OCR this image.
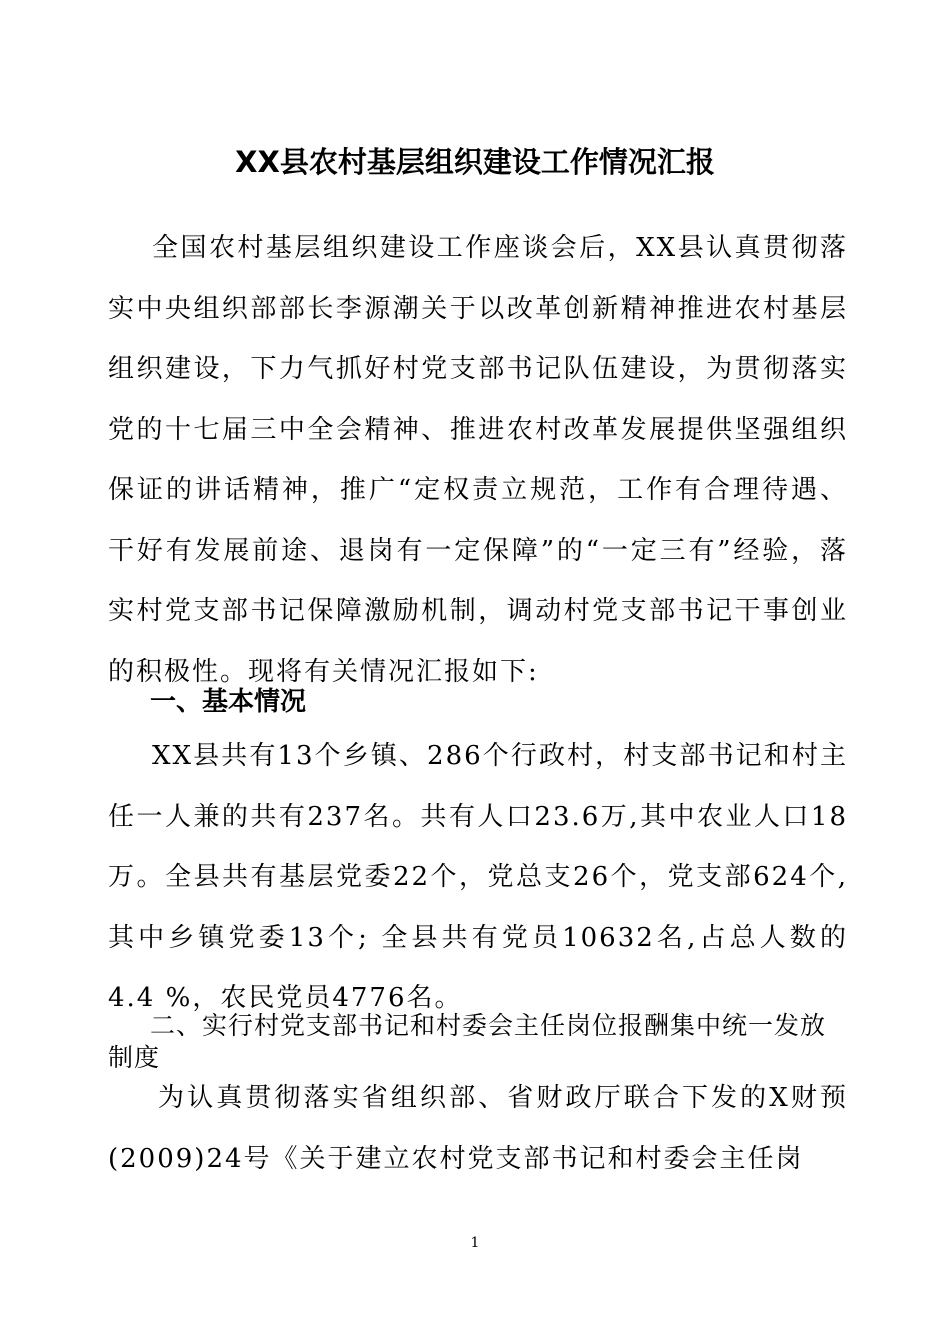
XX县农村基层组织建设工作情况汇报
全国农村基层组织建设工作座谈会后，XX县认真贯彻落实中央组织部部长李源潮关于以改革创新精神推进农村基层组织建设，下力气抓好村党支部书记队伍建设，为贯彻落实党的十七届三中全会精神、推进农村改革发展提供坚强组织保证的讲话精神，推广“定权责立规范，工作有合理待遇、干好有发展前途、退岗有一定保障”的“一定三有”经验，落实村党支部书记保障激励机制，调动村党支部书记干事创业的积极性。现将有关情况汇报如下:
一、基本情况
XX县共有13个乡镇、286个行政村，村支部书记和村主任一人兼的共有237名。共有人口23.6万,其中农业人口18万。全县共有基层党委22个，党总支26个，党支部624个,其中乡镇党委13个; 全县共有党员10632名,占总人数的4.4 %，农民党员4776名。
二、实行村党支部书记和村委会主任岗位报酬集中统一发放制度
为认真贯彻落实省组织部、省财政厅联合下发的X财预(2009)24号《关于建立农村党支部书记和村委会主任岗
1
